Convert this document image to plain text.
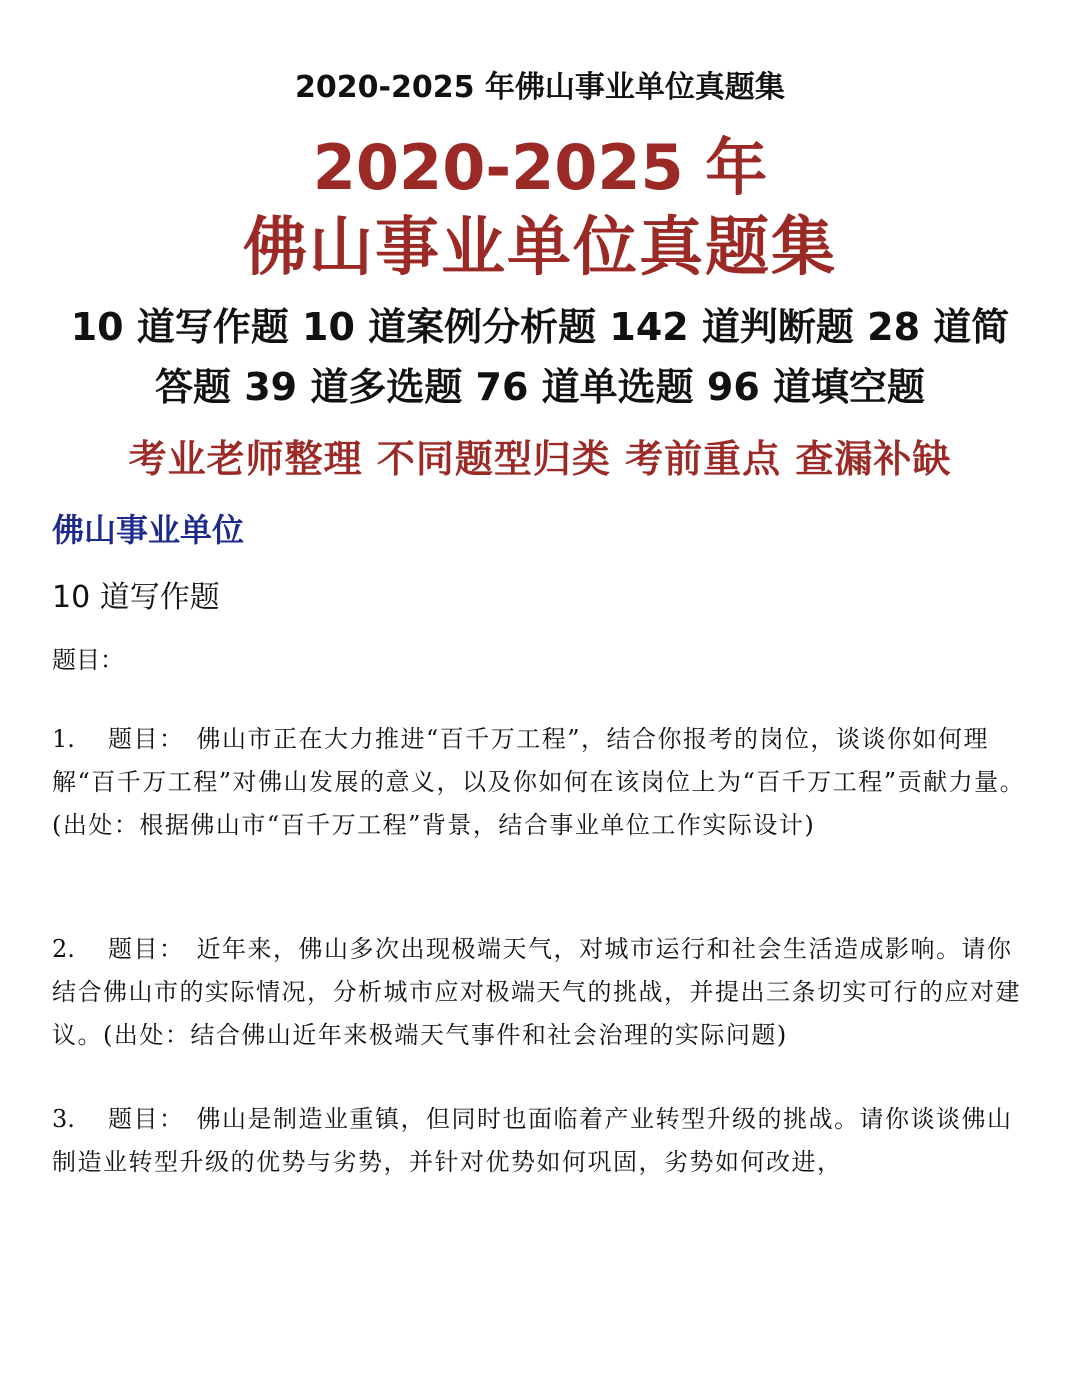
2020-2025 年佛山事业单位真题集
2020-2025 年
佛山事业单位真题集
10 道写作题 10 道案例分析题 142 道判断题 28 道简
答题 39 道多选题 76 道单选题 96 道填空题
考业老师整理 不同题型归类 考前重点 查漏补缺
佛山事业单位
10 道写作题
题目：
1. 题目： 佛山市正在大力推进“百千万工程”，结合你报考的岗位，谈谈你如何理解“百千万工程”对佛山发展的意义，以及你如何在该岗位上为“百千万工程”贡献力量。(出处：根据佛山市“百千万工程”背景，结合事业单位工作实际设计)
2. 题目： 近年来，佛山多次出现极端天气，对城市运行和社会生活造成影响。请你结合佛山市的实际情况，分析城市应对极端天气的挑战，并提出三条切实可行的应对建议。(出处：结合佛山近年来极端天气事件和社会治理的实际问题)
3. 题目： 佛山是制造业重镇，但同时也面临着产业转型升级的挑战。请你谈谈佛山制造业转型升级的优势与劣势，并针对优势如何巩固，劣势如何改进，
